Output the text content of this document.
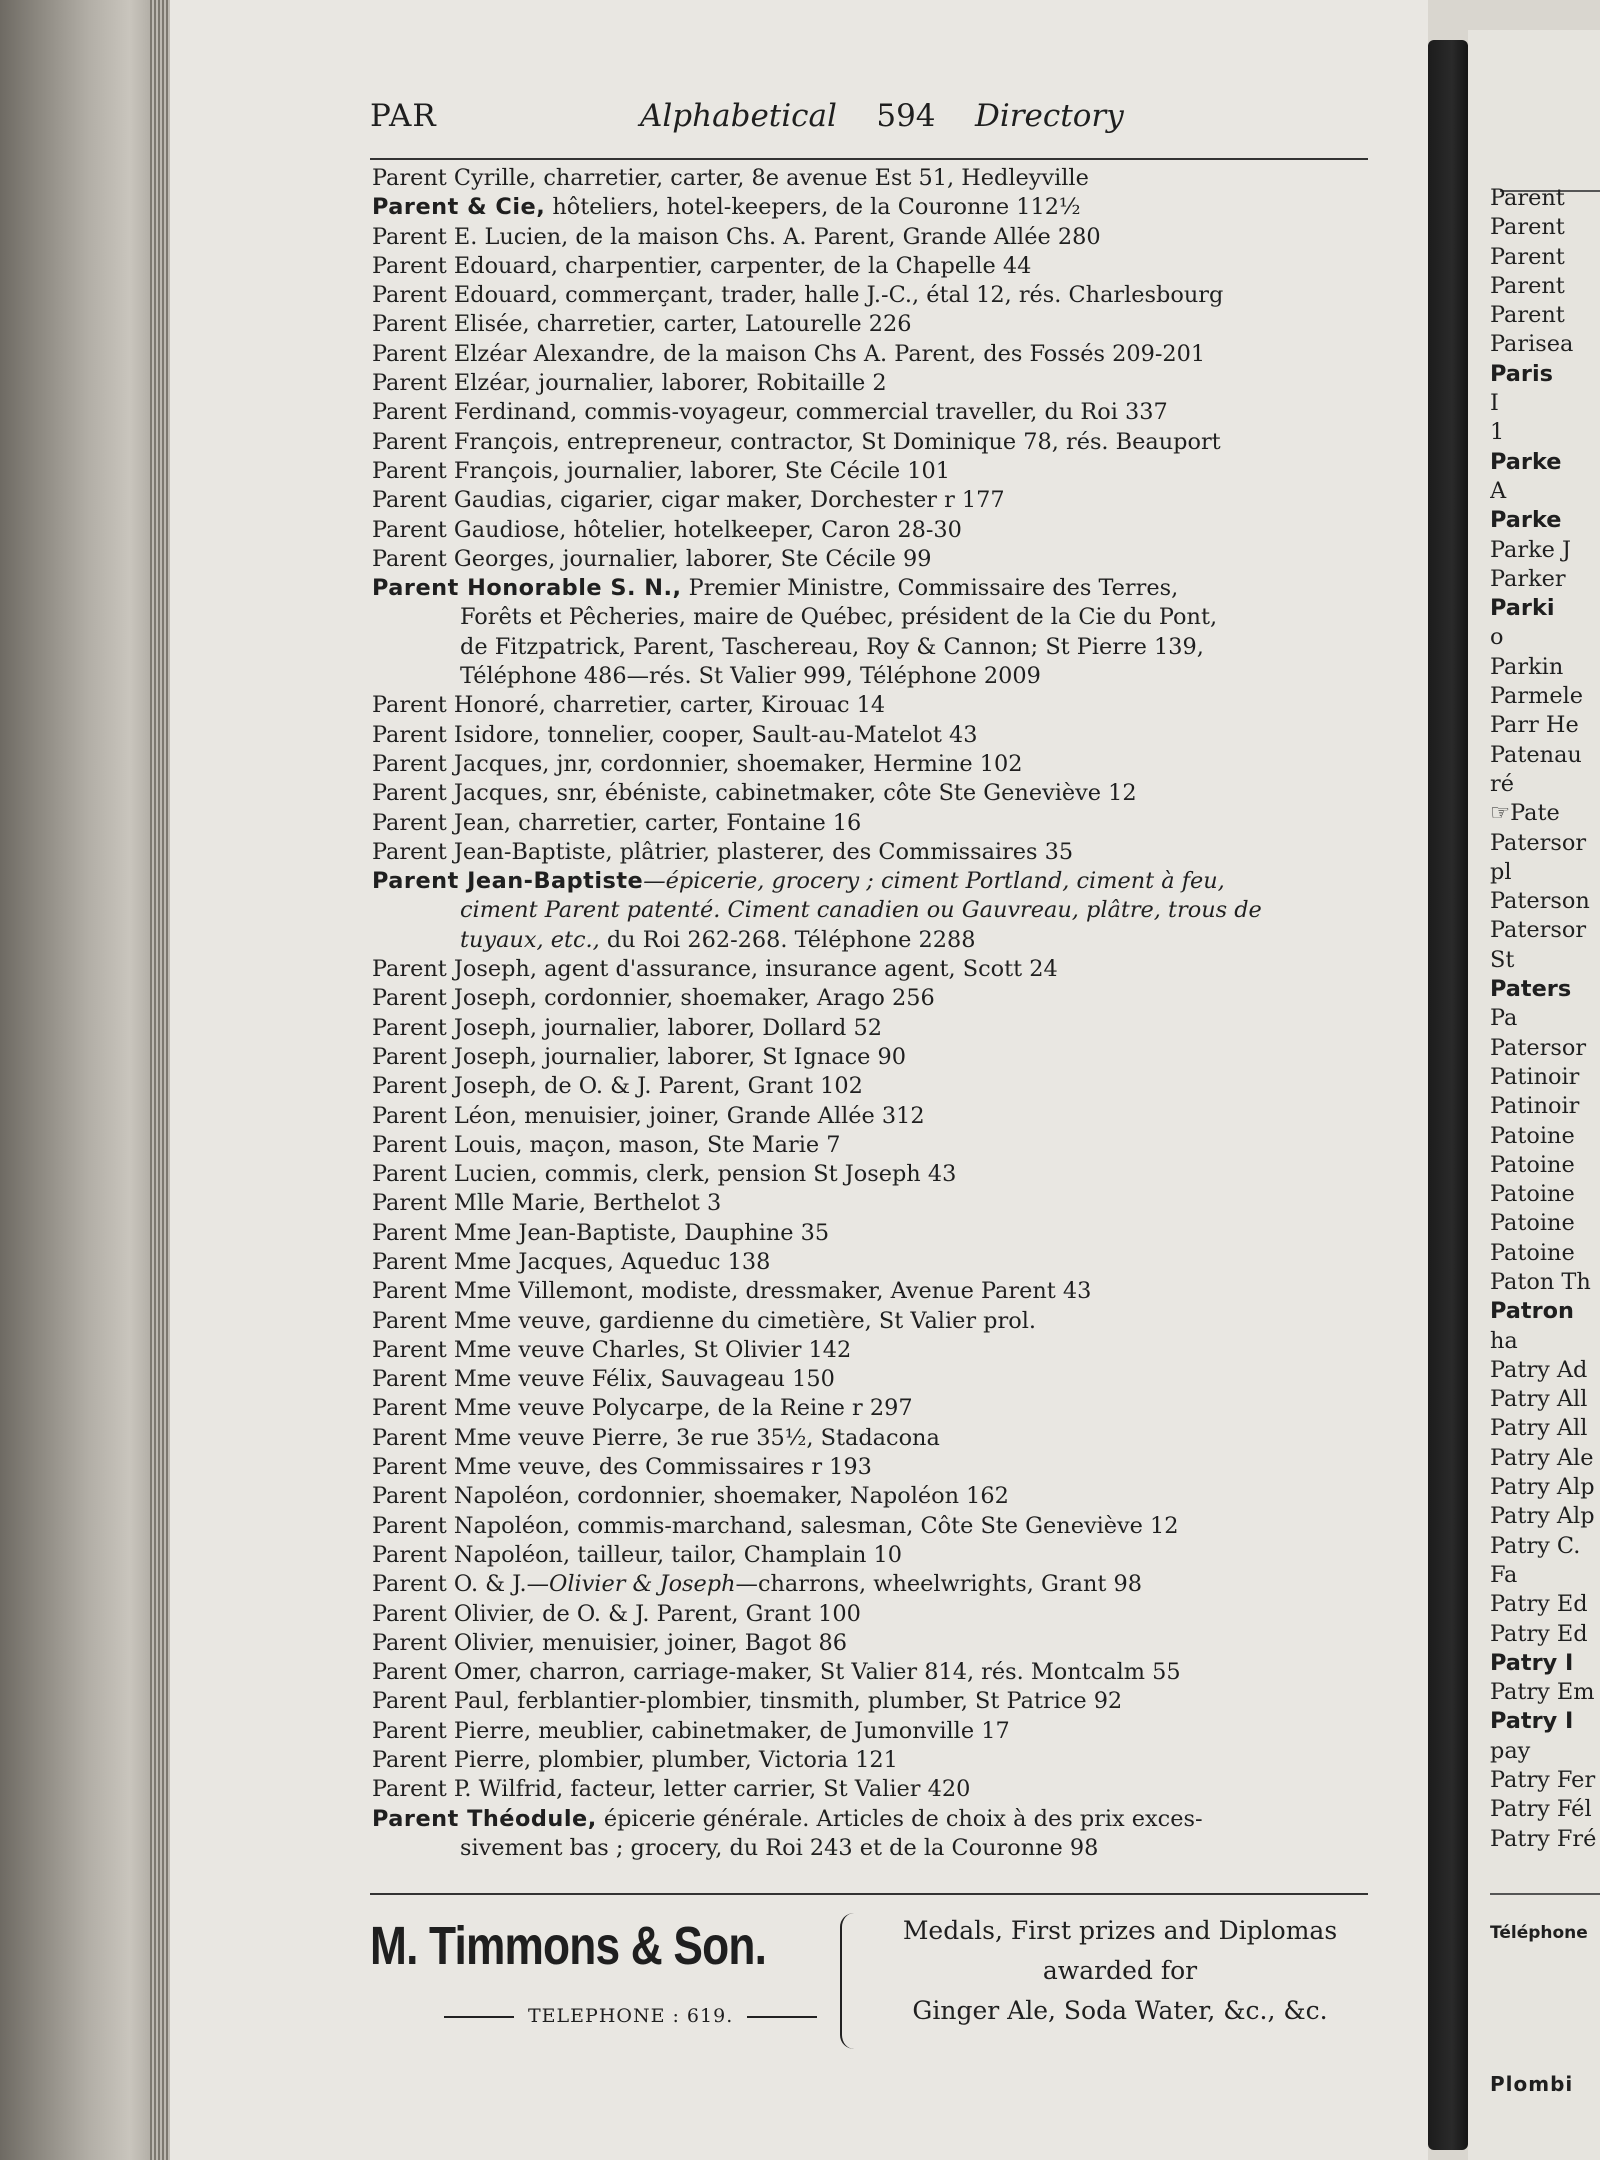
PAR	Alphabetical 594 Directory
Parent Cyrille, charretier, carter, 8e avenue Est 51, Hedleyville
Parent & Cie, hôteliers, hotel-keepers, de la Couronne 112½
Parent E. Lucien, de la maison Chs. A. Parent, Grande Allée 280
Parent Edouard, charpentier, carpenter, de la Chapelle 44
Parent Edouard, commerçant, trader, halle J.-C., étal 12, rés. Charlesbourg
Parent Elisée, charretier, carter, Latourelle 226
Parent Elzéar Alexandre, de la maison Chs A. Parent, des Fossés 209-201
Parent Elzéar, journalier, laborer, Robitaille 2
Parent Ferdinand, commis-voyageur, commercial traveller, du Roi 337
Parent François, entrepreneur, contractor, St Dominique 78, rés. Beauport
Parent François, journalier, laborer, Ste Cécile 101
Parent Gaudias, cigarier, cigar maker, Dorchester r 177
Parent Gaudiose, hôtelier, hotelkeeper, Caron 28-30
Parent Georges, journalier, laborer, Ste Cécile 99
Parent Honorable S. N., Premier Ministre, Commissaire des Terres,
Forêts et Pêcheries, maire de Québec, président de la Cie du Pont,
de Fitzpatrick, Parent, Taschereau, Roy & Cannon; St Pierre 139,
Téléphone 486—rés. St Valier 999, Téléphone 2009
Parent Honoré, charretier, carter, Kirouac 14
Parent Isidore, tonnelier, cooper, Sault-au-Matelot 43
Parent Jacques, jnr, cordonnier, shoemaker, Hermine 102
Parent Jacques, snr, ébéniste, cabinetmaker, côte Ste Geneviève 12
Parent Jean, charretier, carter, Fontaine 16
Parent Jean-Baptiste, plâtrier, plasterer, des Commissaires 35
Parent Jean-Baptiste—épicerie, grocery ; ciment Portland, ciment à feu,
ciment Parent patenté. Ciment canadien ou Gauvreau, plâtre, trous de
tuyaux, etc., du Roi 262-268. Téléphone 2288
Parent Joseph, agent d'assurance, insurance agent, Scott 24
Parent Joseph, cordonnier, shoemaker, Arago 256
Parent Joseph, journalier, laborer, Dollard 52
Parent Joseph, journalier, laborer, St Ignace 90
Parent Joseph, de O. & J. Parent, Grant 102
Parent Léon, menuisier, joiner, Grande Allée 312
Parent Louis, maçon, mason, Ste Marie 7
Parent Lucien, commis, clerk, pension St Joseph 43
Parent Mlle Marie, Berthelot 3
Parent Mme Jean-Baptiste, Dauphine 35
Parent Mme Jacques, Aqueduc 138
Parent Mme Villemont, modiste, dressmaker, Avenue Parent 43
Parent Mme veuve, gardienne du cimetière, St Valier prol.
Parent Mme veuve Charles, St Olivier 142
Parent Mme veuve Félix, Sauvageau 150
Parent Mme veuve Polycarpe, de la Reine r 297
Parent Mme veuve Pierre, 3e rue 35½, Stadacona
Parent Mme veuve, des Commissaires r 193
Parent Napoléon, cordonnier, shoemaker, Napoléon 162
Parent Napoléon, commis-marchand, salesman, Côte Ste Geneviève 12
Parent Napoléon, tailleur, tailor, Champlain 10
Parent O. & J.—Olivier & Joseph—charrons, wheelwrights, Grant 98
Parent Olivier, de O. & J. Parent, Grant 100
Parent Olivier, menuisier, joiner, Bagot 86
Parent Omer, charron, carriage-maker, St Valier 814, rés. Montcalm 55
Parent Paul, ferblantier-plombier, tinsmith, plumber, St Patrice 92
Parent Pierre, meublier, cabinetmaker, de Jumonville 17
Parent Pierre, plombier, plumber, Victoria 121
Parent P. Wilfrid, facteur, letter carrier, St Valier 420
Parent Théodule, épicerie générale. Articles de choix à des prix exces-
sivement bas ; grocery, du Roi 243 et de la Couronne 98
M. Timmons & Son.
TELEPHONE : 619.
Medals, First prizes and Diplomas
awarded for
Ginger Ale, Soda Water, &c., &c.
Parent
Parent
Parent
Parent
Parent
Parisea
Paris
I
1
Parke
A
Parke
Parke J
Parker
Parki
o
Parkin
Parmele
Parr He
Patenau
ré
☞Pate
Patersor
pl
Paterson
Patersor
St
Paters
Pa
Patersor
Patinoir
Patinoir
Patoine
Patoine
Patoine
Patoine
Patoine
Paton Th
Patron
ha
Patry Ad
Patry All
Patry All
Patry Ale
Patry Alp
Patry Alp
Patry C.
Fa
Patry Ed
Patry Ed
Patry I
Patry Em
Patry I
pay
Patry Fer
Patry Fél
Patry Fré
Téléphone
Plombi
